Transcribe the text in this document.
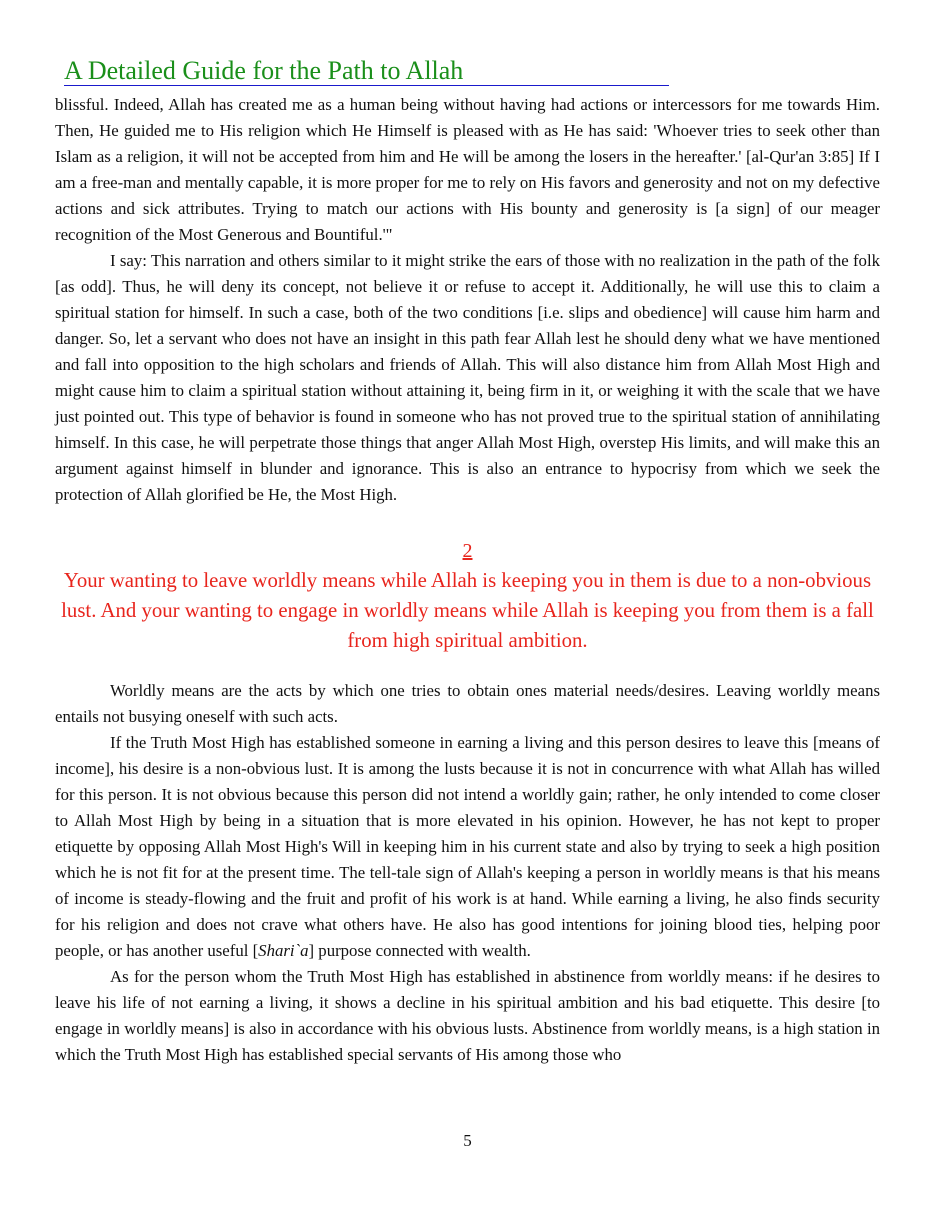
A Detailed Guide for the Path to Allah

blissful. Indeed, Allah has created me as a human being without having had actions or intercessors for me towards Him. Then, He guided me to His religion which He Himself is pleased with as He has said: 'Whoever tries to seek other than Islam as a religion, it will not be accepted from him and He will be among the losers in the hereafter.' [al-Qur'an 3:85] If I am a free-man and mentally capable, it is more proper for me to rely on His favors and generosity and not on my defective actions and sick attributes. Trying to match our actions with His bounty and generosity is [a sign] of our meager recognition of the Most Generous and Bountiful.'"

I say: This narration and others similar to it might strike the ears of those with no realization in the path of the folk [as odd]. Thus, he will deny its concept, not believe it or refuse to accept it. Additionally, he will use this to claim a spiritual station for himself. In such a case, both of the two conditions [i.e. slips and obedience] will cause him harm and danger. So, let a servant who does not have an insight in this path fear Allah lest he should deny what we have mentioned and fall into opposition to the high scholars and friends of Allah. This will also distance him from Allah Most High and might cause him to claim a spiritual station without attaining it, being firm in it, or weighing it with the scale that we have just pointed out. This type of behavior is found in someone who has not proved true to the spiritual station of annihilating himself. In this case, he will perpetrate those things that anger Allah Most High, overstep His limits, and will make this an argument against himself in blunder and ignorance. This is also an entrance to hypocrisy from which we seek the protection of Allah glorified be He, the Most High.

2
Your wanting to leave worldly means while Allah is keeping you in them is due to a non-obvious lust. And your wanting to engage in worldly means while Allah is keeping you from them is a fall from high spiritual ambition.

Worldly means are the acts by which one tries to obtain ones material needs/desires. Leaving worldly means entails not busying oneself with such acts.

If the Truth Most High has established someone in earning a living and this person desires to leave this [means of income], his desire is a non-obvious lust. It is among the lusts because it is not in concurrence with what Allah has willed for this person. It is not obvious because this person did not intend a worldly gain; rather, he only intended to come closer to Allah Most High by being in a situation that is more elevated in his opinion. However, he has not kept to proper etiquette by opposing Allah Most High's Will in keeping him in his current state and also by trying to seek a high position which he is not fit for at the present time. The tell-tale sign of Allah's keeping a person in worldly means is that his means of income is steady-flowing and the fruit and profit of his work is at hand. While earning a living, he also finds security for his religion and does not crave what others have. He also has good intentions for joining blood ties, helping poor people, or has another useful [Shari`a] purpose connected with wealth.

As for the person whom the Truth Most High has established in abstinence from worldly means: if he desires to leave his life of not earning a living, it shows a decline in his spiritual ambition and his bad etiquette. This desire [to engage in worldly means] is also in accordance with his obvious lusts. Abstinence from worldly means, is a high station in which the Truth Most High has established special servants of His among those who

5
